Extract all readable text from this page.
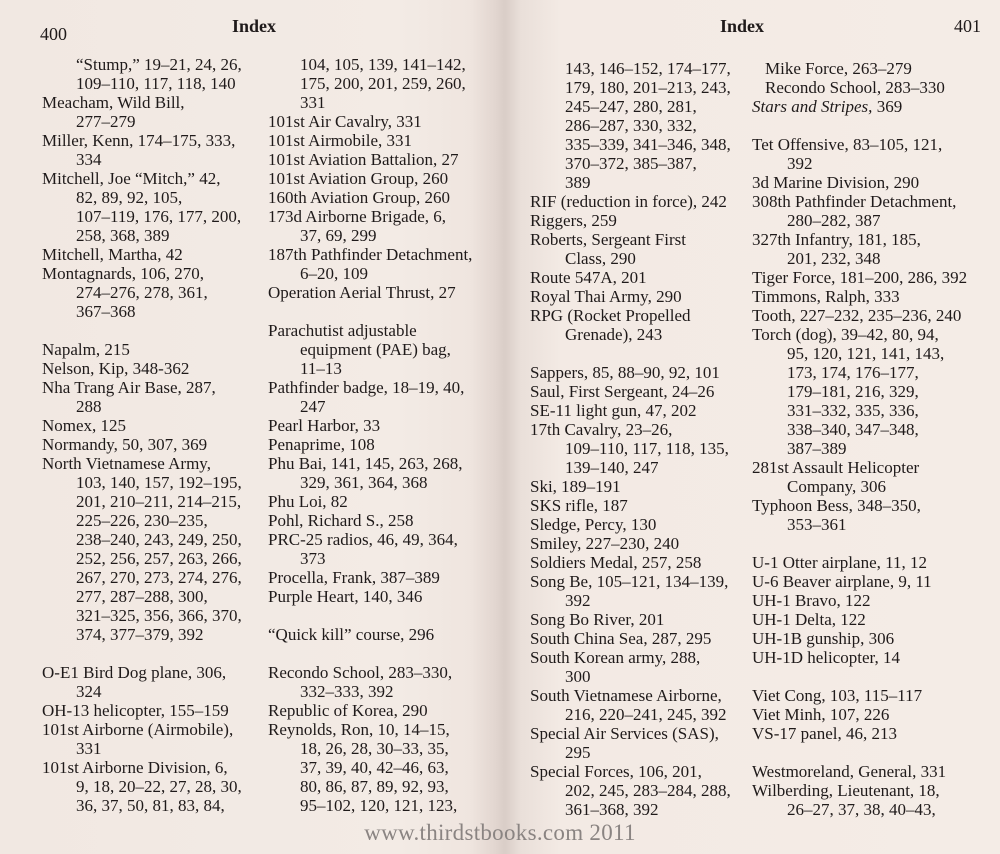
400	Index	Index	401
“Stump,” 19–21, 24, 26,
109–110, 117, 118, 140
Meacham, Wild Bill,
277–279
Miller, Kenn, 174–175, 333,
334
Mitchell, Joe “Mitch,” 42,
82, 89, 92, 105,
107–119, 176, 177, 200,
258, 368, 389
Mitchell, Martha, 42
Montagnards, 106, 270,
274–276, 278, 361,
367–368
Napalm, 215
Nelson, Kip, 348-362
Nha Trang Air Base, 287,
288
Nomex, 125
Normandy, 50, 307, 369
North Vietnamese Army,
103, 140, 157, 192–195,
201, 210–211, 214–215,
225–226, 230–235,
238–240, 243, 249, 250,
252, 256, 257, 263, 266,
267, 270, 273, 274, 276,
277, 287–288, 300,
321–325, 356, 366, 370,
374, 377–379, 392
O-E1 Bird Dog plane, 306,
324
OH-13 helicopter, 155–159
101st Airborne (Airmobile),
331
101st Airborne Division, 6,
9, 18, 20–22, 27, 28, 30,
36, 37, 50, 81, 83, 84,
104, 105, 139, 141–142,
175, 200, 201, 259, 260,
331
101st Air Cavalry, 331
101st Airmobile, 331
101st Aviation Battalion, 27
101st Aviation Group, 260
160th Aviation Group, 260
173d Airborne Brigade, 6,
37, 69, 299
187th Pathfinder Detachment,
6–20, 109
Operation Aerial Thrust, 27
Parachutist adjustable
equipment (PAE) bag,
11–13
Pathfinder badge, 18–19, 40,
247
Pearl Harbor, 33
Penaprime, 108
Phu Bai, 141, 145, 263, 268,
329, 361, 364, 368
Phu Loi, 82
Pohl, Richard S., 258
PRC-25 radios, 46, 49, 364,
373
Procella, Frank, 387–389
Purple Heart, 140, 346
“Quick kill” course, 296
Recondo School, 283–330,
332–333, 392
Republic of Korea, 290
Reynolds, Ron, 10, 14–15,
18, 26, 28, 30–33, 35,
37, 39, 40, 42–46, 63,
80, 86, 87, 89, 92, 93,
95–102, 120, 121, 123,
143, 146–152, 174–177,
179, 180, 201–213, 243,
245–247, 280, 281,
286–287, 330, 332,
335–339, 341–346, 348,
370–372, 385–387,
389
RIF (reduction in force), 242
Riggers, 259
Roberts, Sergeant First
Class, 290
Route 547A, 201
Royal Thai Army, 290
RPG (Rocket Propelled
Grenade), 243
Sappers, 85, 88–90, 92, 101
Saul, First Sergeant, 24–26
SE-11 light gun, 47, 202
17th Cavalry, 23–26,
109–110, 117, 118, 135,
139–140, 247
Ski, 189–191
SKS rifle, 187
Sledge, Percy, 130
Smiley, 227–230, 240
Soldiers Medal, 257, 258
Song Be, 105–121, 134–139,
392
Song Bo River, 201
South China Sea, 287, 295
South Korean army, 288,
300
South Vietnamese Airborne,
216, 220–241, 245, 392
Special Air Services (SAS),
295
Special Forces, 106, 201,
202, 245, 283–284, 288,
361–368, 392
Mike Force, 263–279
Recondo School, 283–330
Stars and Stripes, 369
Tet Offensive, 83–105, 121,
392
3d Marine Division, 290
308th Pathfinder Detachment,
280–282, 387
327th Infantry, 181, 185,
201, 232, 348
Tiger Force, 181–200, 286, 392
Timmons, Ralph, 333
Tooth, 227–232, 235–236, 240
Torch (dog), 39–42, 80, 94,
95, 120, 121, 141, 143,
173, 174, 176–177,
179–181, 216, 329,
331–332, 335, 336,
338–340, 347–348,
387–389
281st Assault Helicopter
Company, 306
Typhoon Bess, 348–350,
353–361
U-1 Otter airplane, 11, 12
U-6 Beaver airplane, 9, 11
UH-1 Bravo, 122
UH-1 Delta, 122
UH-1B gunship, 306
UH-1D helicopter, 14
Viet Cong, 103, 115–117
Viet Minh, 107, 226
VS-17 panel, 46, 213
Westmoreland, General, 331
Wilberding, Lieutenant, 18,
26–27, 37, 38, 40–43,
www.thirdstbooks.com 2011
